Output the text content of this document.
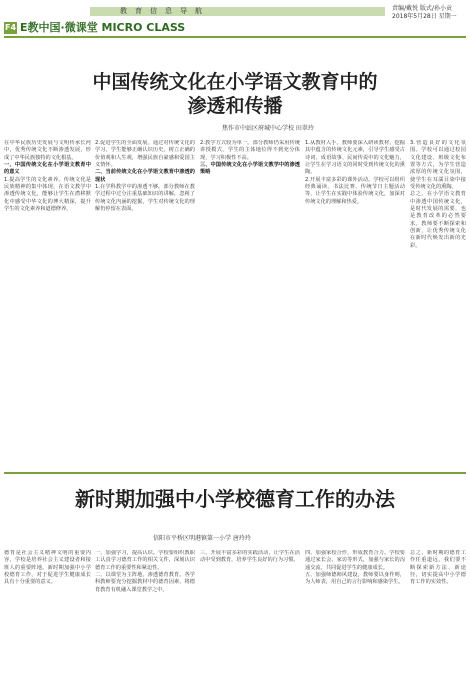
教育信息导航	责编/戴悦 版式/孙小贡
2018年5月28日 星期一
F4 E教中国·微课堂 MICRO CLASS
中国传统文化在小学语文教育中的
渗透和传播
焦作市中站区府城中心学校 田翠玲

在中华民族历史发展与文明传承长河中，优秀传统文化不断渗透发展，形成了中华民族独特的文化根基。

一、中国传统文化在小学语文教育中的意义

1.提高学生的文化素养。传统文化是民族精神的集中体现，在语文教学中渗透传统文化，能够让学生在潜移默化中感受中华文化的博大精深，提升学生的文化素养和道德修养。

2.促进学生的全面发展。通过对传统文化的学习，学生能够正确认识历史，树立正确的价值观和人生观，增强民族自豪感和爱国主义情怀。

二、当前传统文化在小学语文教育中渗透的现状

1.在学科教学中的渗透不够。部分教师在教学过程中过分注重基础知识的讲解，忽视了传统文化内涵的挖掘，学生对传统文化的理解仍停留在表面。

2.教学方式较为单一。部分教师仍采用传统讲授模式，学生的主体地位得不到充分体现，学习积极性不高。

三、中国传统文化在小学语文教学中的渗透策略

1.从教材入手。教师要深入研读教材，挖掘其中蕴含的传统文化元素，引导学生感受古诗词、成语故事、民间传说中的文化魅力，让学生在学习语文的同时受到传统文化的熏陶。

2.开展丰富多彩的课外活动。学校可以组织经典诵读、书法比赛、传统节日主题活动等，让学生在实践中体验传统文化，加深对传统文化的理解和热爱。

3.营造良好的文化氛围。学校可以通过校园文化建设、班级文化布置等方式，为学生营造浓厚的传统文化氛围，使学生在耳濡目染中接受传统文化的熏陶。

总之，在小学语文教育中渗透中国传统文化，是时代发展的需要，也是教育改革的必然要求。教师要不断探索和创新，让优秀传统文化在新时代焕发出新的光彩。

新时期加强中小学校德育工作的办法
信阳市平桥区明港镇第一小学 唐玲玲

德育是社会主义精神文明的重要内容，学校是培养社会主义建设者和接班人的重要阵地。新时期加强中小学校德育工作，对于促进学生健康成长具有十分重要的意义。

一、加强学习，提高认识。学校要组织教职工认真学习德育工作的相关文件，深刻认识德育工作的重要性和紧迫性。

二、以课堂为主阵地，渗透德育教育。各学科教师要充分挖掘教材中的德育因素，将德育教育有机融入课堂教学之中。

三、开展丰富多彩的实践活动，让学生在活动中受到教育，培养学生良好的行为习惯。

四、加强家校合作，形成教育合力。学校要通过家长会、家访等形式，加强与家长的沟通交流，共同促进学生的健康成长。

五、加强师德师风建设，教师要以身作则，为人师表，用自己的言行影响和感染学生。

总之，新时期的德育工作任重道远，我们要不断探索新方法、新途径，切实提高中小学德育工作的实效性。
